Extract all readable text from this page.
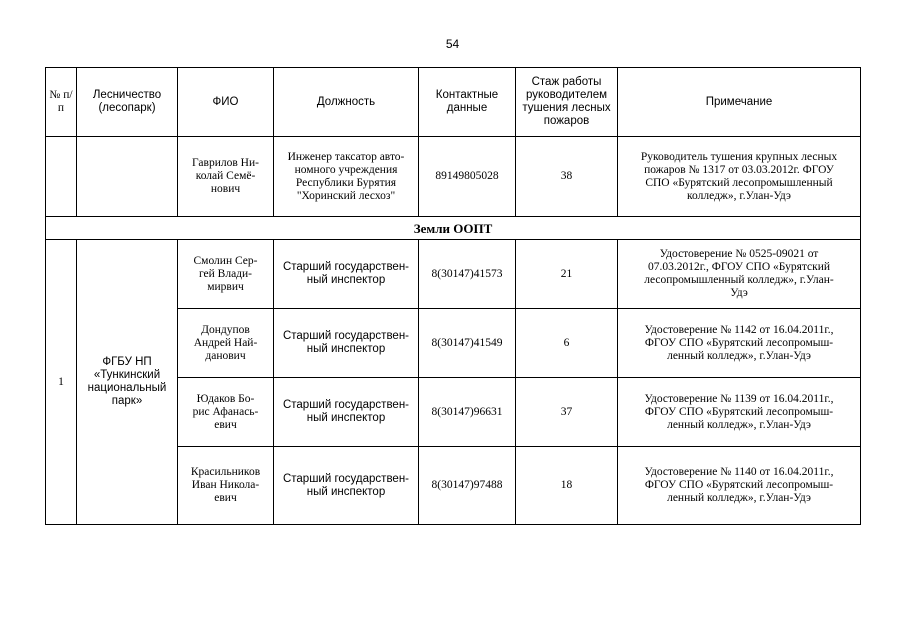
54
№ п/п	Лесничество (лесопарк)	ФИО	Должность	Контактные данные	Стаж работы руководителем тушения лесных пожаров	Примечание
		Гаврилов Ни-
колай Семё-
нович	Инженер таксатор авто-
номного учреждения
Республики Бурятия
"Хоринский лесхоз"	89149805028	38	Руководитель тушения крупных лесных
пожаров № 1317 от 03.03.2012г. ФГОУ
СПО «Бурятский лесопромышленный
колледж», г.Улан-Удэ
Земли ООПТ						
1	ФГБУ НП
«Тункинский
национальный
парк»	Смолин Сер-
гей Влади-
мирвич	Старший государствен-
ный инспектор	8(30147)41573	21	Удостоверение № 0525-09021 от
07.03.2012г., ФГОУ СПО «Бурятский
лесопромышленный колледж», г.Улан-
Удэ
		Дондупов
Андрей Най-
данович	Старший государствен-
ный инспектор	8(30147)41549	6	Удостоверение № 1142 от 16.04.2011г.,
ФГОУ СПО «Бурятский лесопромыш-
ленный колледж», г.Улан-Удэ
		Юдаков Бо-
рис Афанась-
евич	Старший государствен-
ный инспектор	8(30147)96631	37	Удостоверение № 1139 от 16.04.2011г.,
ФГОУ СПО «Бурятский лесопромыш-
ленный колледж», г.Улан-Удэ
		Красильников
Иван Никола-
евич	Старший государствен-
ный инспектор	8(30147)97488	18	Удостоверение № 1140 от 16.04.2011г.,
ФГОУ СПО «Бурятский лесопромыш-
ленный колледж», г.Улан-Удэ
